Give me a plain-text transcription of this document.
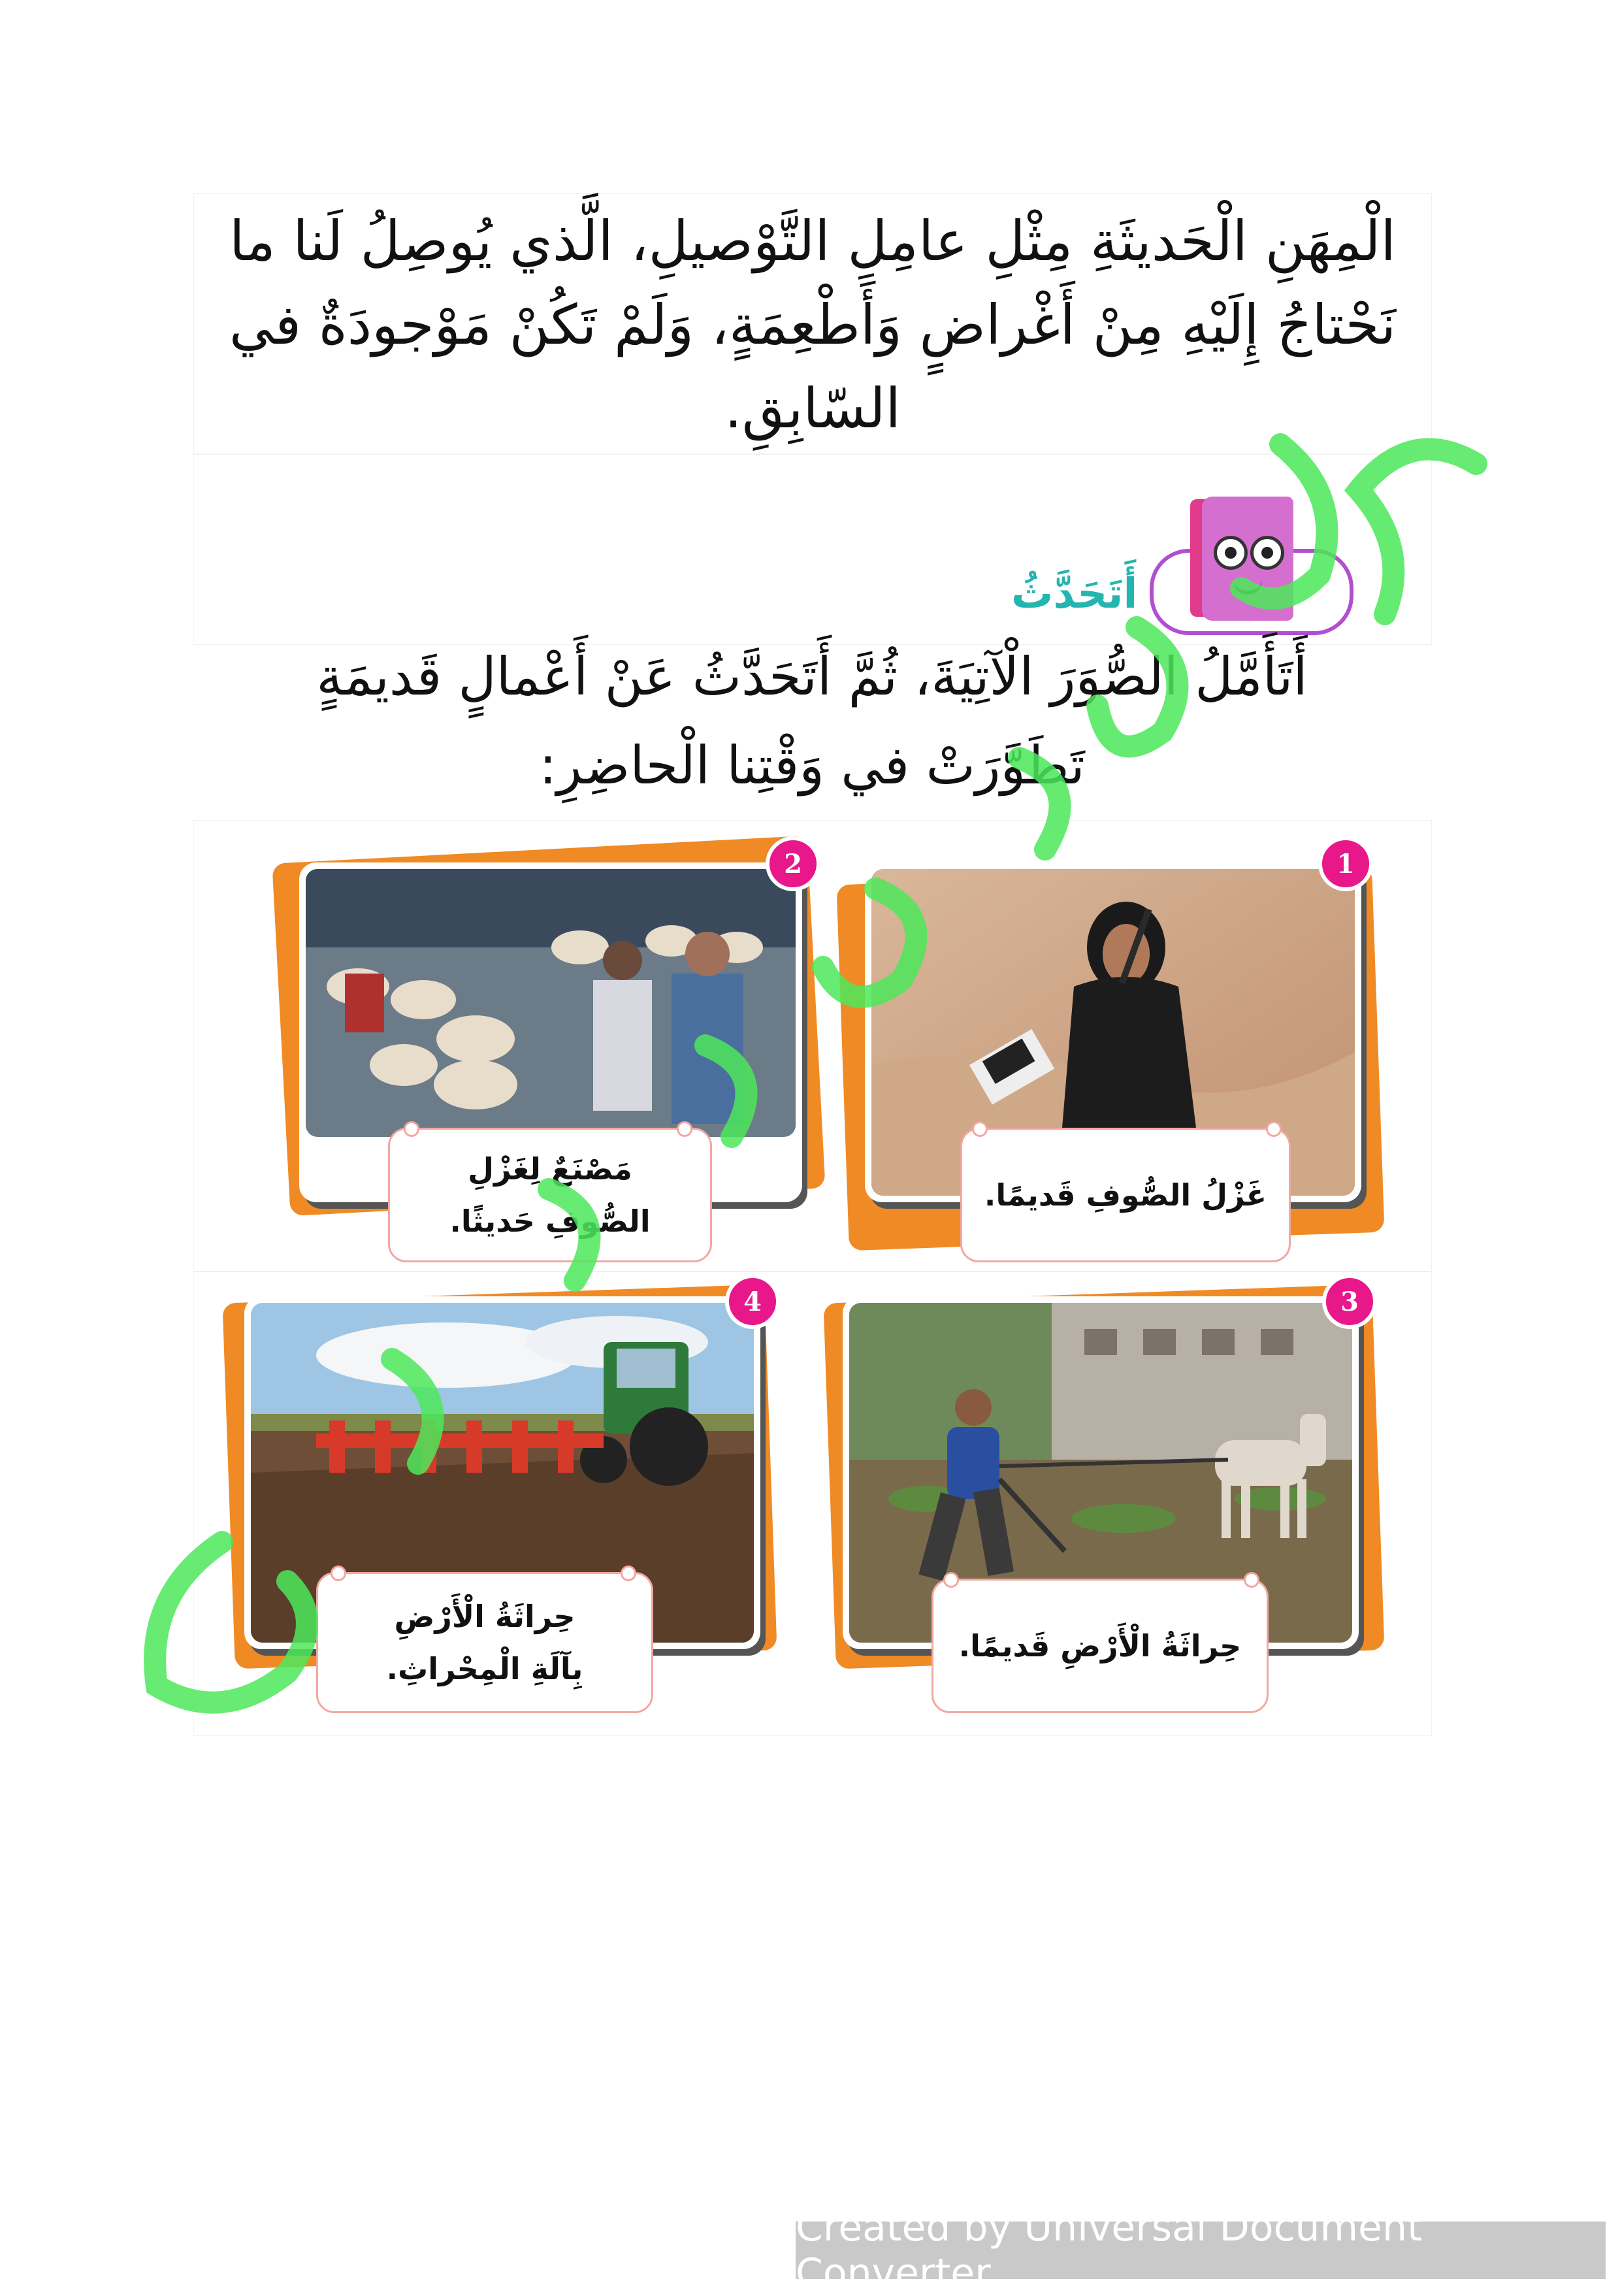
الْمِهَنِ الْحَديثَةِ مِثْلِ عامِلِ التَّوْصيلِ، الَّذي يُوصِلُ لَنا ما
نَحْتاجُ إِلَيْهِ مِنْ أَغْراضٍ وَأَطْعِمَةٍ، وَلَمْ تَكُنْ مَوْجودَةٌ في
السّابِقِ.
أَتَحَدَّثُ
أَتَأَمَّلُ الصُّوَرَ الْآتِيَةَ، ثُمَّ أَتَحَدَّثُ عَنْ أَعْمالٍ قَديمَةٍ
تَطَوَّرَتْ في وَقْتِنا الْحاضِرِ:
1
غَزْلُ الصُّوفِ قَديمًا.
2
مَصْنَعٌ لِغَزْلِ
الصُّوفِ حَديثًا.
3
حِراثَةُ الْأَرْضِ قَديمًا.
4
حِراثَةُ الْأَرْضِ
بِآلَةِ الْمِحْراثِ.
Created by Universal Document Converter
